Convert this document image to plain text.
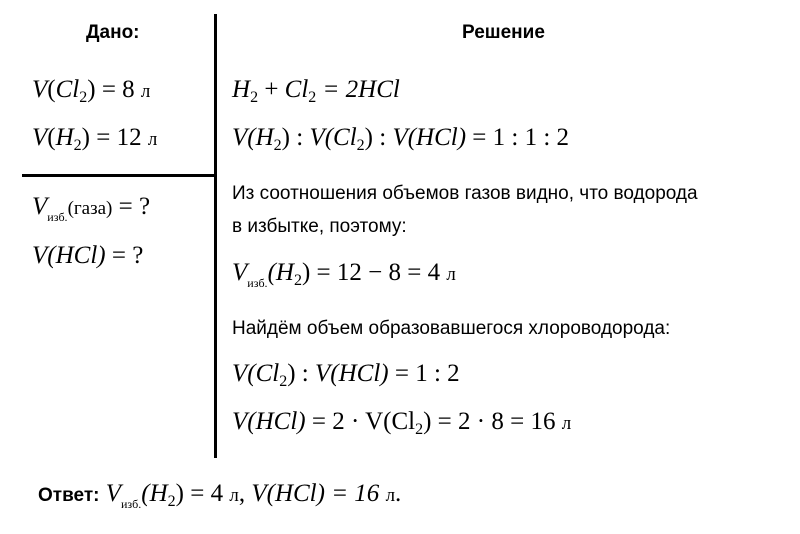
Дано:	Решение
$V(Cl_2) = 8$ л
$V(H_2) = 12$ л
$V_{изб.}(газа)$ = ?
V(HCl) = ?
$H_2 + Cl_2 = 2HCl$
$V(H_2)$ : $V(Cl_2)$ : V(HCl) = 1 : 1 : 2
Из соотношения объемов газов видно, что водорода
в избытке, поэтому:
$V_{изб.}(H_2) = 12 - 8 = 4$ л
Найдём объем образовавшегося хлороводорода:
$V(Cl_2)$ : V(HCl) = 1 : 2
$V(HCl) = 2 \cdot V(Cl_2) = 2 \cdot 8 = 16$ л
Ответ: $V_{изб.}(H_2) = 4$ л, V(HCl) = 16 л.
